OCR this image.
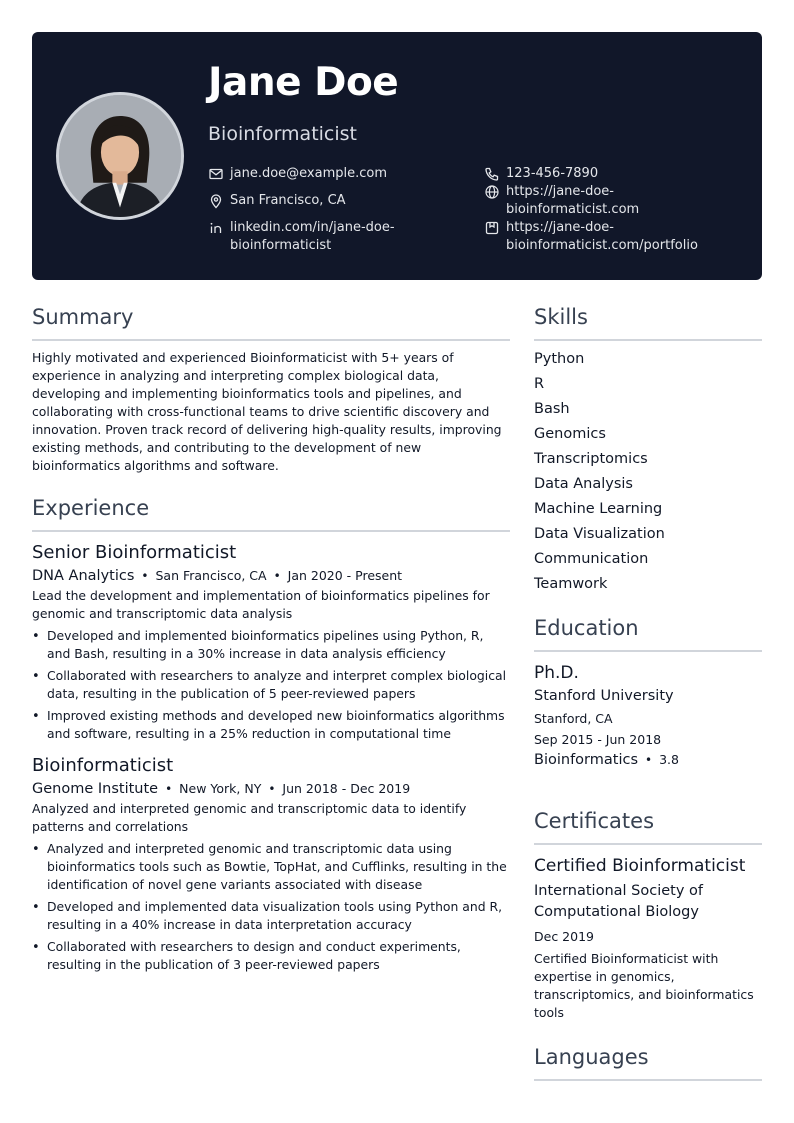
Jane Doe
Bioinformaticist
jane.doe@example.com
San Francisco, CA
linkedin.com/in/jane-doe-bioinformaticist
123-456-7890
https://jane-doe-bioinformaticist.com
https://jane-doe-bioinformaticist.com/portfolio
Summary
Highly motivated and experienced Bioinformaticist with 5+ years of experience in analyzing and interpreting complex biological data, developing and implementing bioinformatics tools and pipelines, and collaborating with cross-functional teams to drive scientific discovery and innovation. Proven track record of delivering high-quality results, improving existing methods, and contributing to the development of new bioinformatics algorithms and software.
Experience
Senior Bioinformaticist
DNA Analytics • San Francisco, CA • Jan 2020 - Present
Lead the development and implementation of bioinformatics pipelines for genomic and transcriptomic data analysis
• Developed and implemented bioinformatics pipelines using Python, R, and Bash, resulting in a 30% increase in data analysis efficiency
• Collaborated with researchers to analyze and interpret complex biological data, resulting in the publication of 5 peer-reviewed papers
• Improved existing methods and developed new bioinformatics algorithms and software, resulting in a 25% reduction in computational time
Bioinformaticist
Genome Institute • New York, NY • Jun 2018 - Dec 2019
Analyzed and interpreted genomic and transcriptomic data to identify patterns and correlations
• Analyzed and interpreted genomic and transcriptomic data using bioinformatics tools such as Bowtie, TopHat, and Cufflinks, resulting in the identification of novel gene variants associated with disease
• Developed and implemented data visualization tools using Python and R, resulting in a 40% increase in data interpretation accuracy
• Collaborated with researchers to design and conduct experiments, resulting in the publication of 3 peer-reviewed papers
Skills
Python
R
Bash
Genomics
Transcriptomics
Data Analysis
Machine Learning
Data Visualization
Communication
Teamwork
Education
Ph.D.
Stanford University
Stanford, CA
Sep 2015 - Jun 2018
Bioinformatics • 3.8
Certificates
Certified Bioinformaticist
International Society of Computational Biology
Dec 2019
Certified Bioinformaticist with expertise in genomics, transcriptomics, and bioinformatics tools
Languages
